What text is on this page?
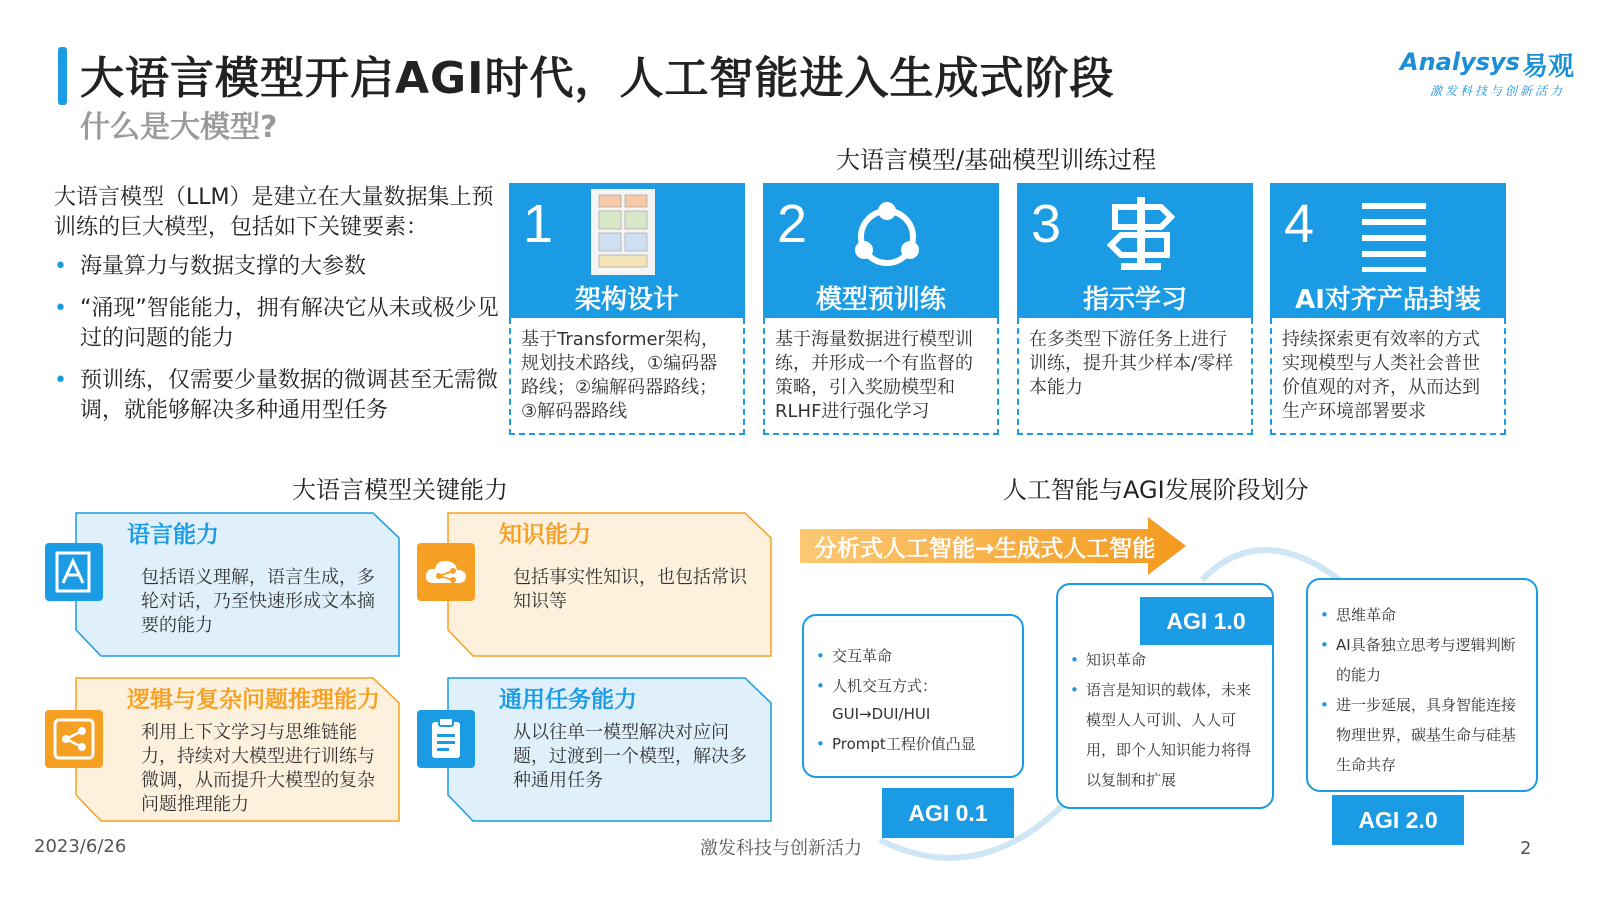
大语言模型开启AGI时代，人工智能进入生成式阶段
什么是大模型?
Analysys 易观
激发科技与创新活力
大语言模型（LLM）是建立在大量数据集上预训练的巨大模型，包括如下关键要素：
• 海量算力与数据支撑的大参数
• “涌现”智能能力，拥有解决它从未或极少见过的问题的能力
• 预训练，仅需要少量数据的微调甚至无需微调，就能够解决多种通用型任务
大语言模型/基础模型训练过程
1
架构设计
基于Transformer架构，规划技术路线，①编码器路线；②编解码器路线；③解码器路线
2
模型预训练
基于海量数据进行模型训练，并形成一个有监督的策略，引入奖励模型和RLHF进行强化学习
3
指示学习
在多类型下游任务上进行训练，提升其少样本/零样本能力
4
AI对齐产品封装
持续探索更有效率的方式实现模型与人类社会普世价值观的对齐，从而达到生产环境部署要求
大语言模型关键能力
语言能力
包括语义理解，语言生成，多轮对话，乃至快速形成文本摘要的能力
知识能力
包括事实性知识，也包括常识知识等
逻辑与复杂问题推理能力
利用上下文学习与思维链能力，持续对大模型进行训练与微调，从而提升大模型的复杂问题推理能力
通用任务能力
从以往单一模型解决对应问题，过渡到一个模型，解决多种通用任务
人工智能与AGI发展阶段划分
分析式人工智能→生成式人工智能
• 交互革命
• 人机交互方式：GUI→DUI/HUI
• Prompt工程价值凸显
AGI 0.1
• 知识革命
• 语言是知识的载体，未来模型人人可训、人人可用，即个人知识能力将得以复制和扩展
AGI 1.0	• 思维革命
• AI具备独立思考与逻辑判断的能力
• 进一步延展，具身智能连接物理世界，碳基生命与硅基生命共存
AGI 2.0
2023/6/26	激发科技与创新活力	2
